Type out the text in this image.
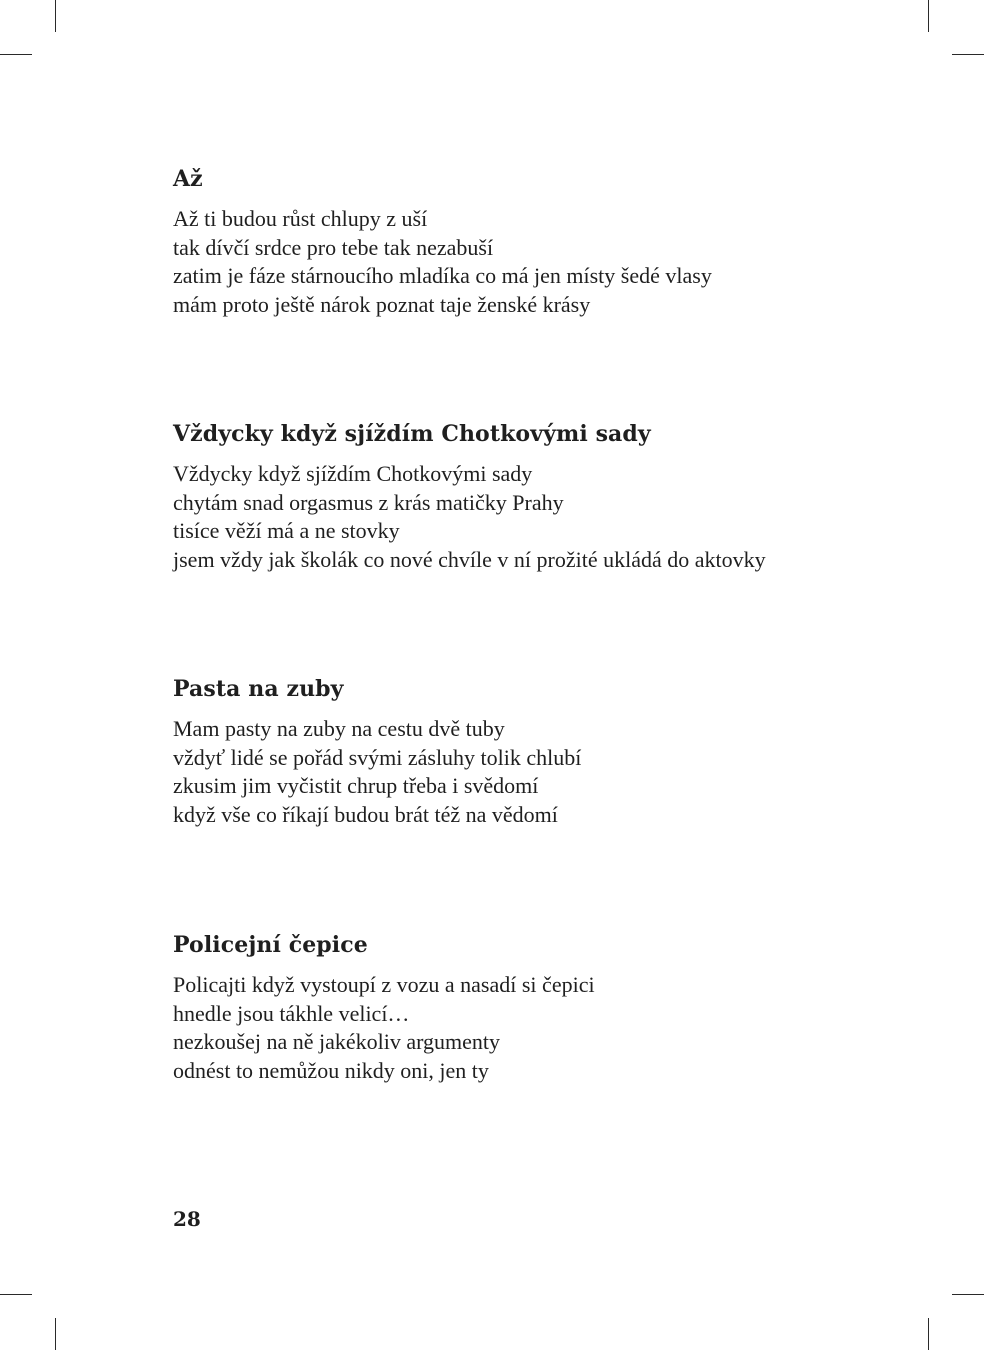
Až
Až ti budou růst chlupy z uší
tak dívčí srdce pro tebe tak nezabuší
zatim je fáze stárnoucího mladíka co má jen místy šedé vlasy
mám proto ještě nárok poznat taje ženské krásy
Vždycky když sjíždím Chotkovými sady
Vždycky když sjíždím Chotkovými sady
chytám snad orgasmus z krás matičky Prahy
tisíce věží má a ne stovky
jsem vždy jak školák co nové chvíle v ní prožité ukládá do aktovky
Pasta na zuby
Mam pasty na zuby na cestu dvě tuby
vždyť lidé se pořád svými zásluhy tolik chlubí
zkusim jim vyčistit chrup třeba i svědomí
když vše co říkají budou brát též na vědomí
Policejní čepice
Policajti když vystoupí z vozu a nasadí si čepici
hnedle jsou tákhle velicí…
nezkoušej na ně jakékoliv argumenty
odnést to nemůžou nikdy oni, jen ty
28
